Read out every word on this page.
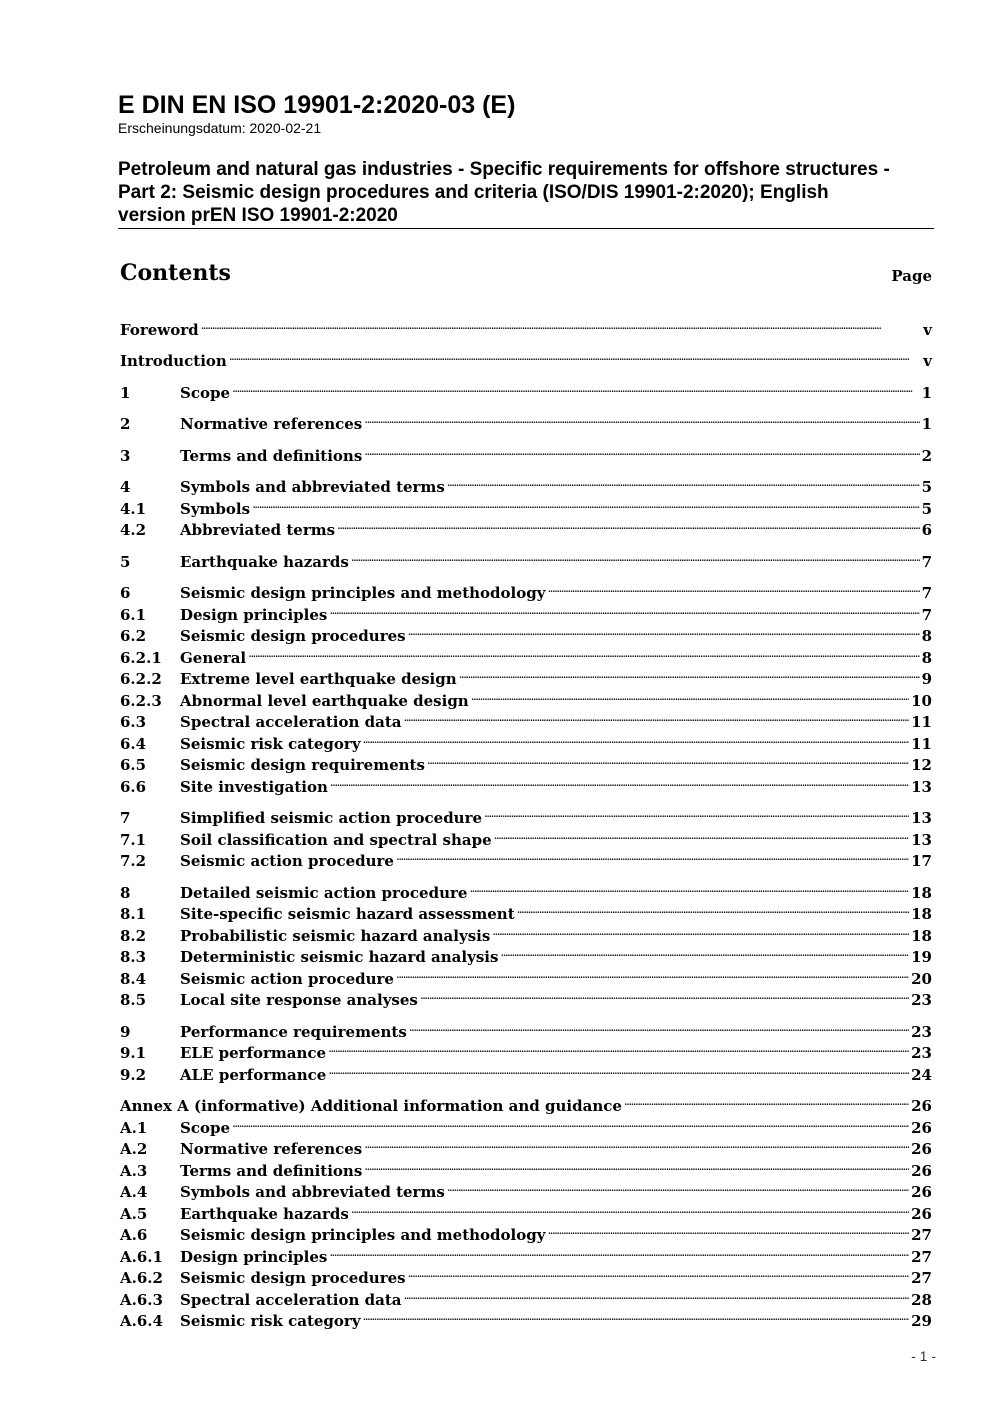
E DIN EN ISO 19901-2:2020-03 (E)
Erscheinungsdatum: 2020-02-21
Petroleum and natural gas industries - Specific requirements for offshore structures -
Part 2: Seismic design procedures and criteria (ISO/DIS 19901-2:2020); English
version prEN ISO 19901-2:2020
Contents	Page
Foreword .....	v
Introduction .....	v
1	Scope .....	1
2	Normative references .....	1
3	Terms and definitions .....	2
4	Symbols and abbreviated terms .....	5
4.1	Symbols .....	5
4.2	Abbreviated terms .....	6
5	Earthquake hazards .....	7
6	Seismic design principles and methodology .....	7
6.1	Design principles .....	7
6.2	Seismic design procedures .....	8
6.2.1	General .....	8
6.2.2	Extreme level earthquake design .....	9
6.2.3	Abnormal level earthquake design .....	10
6.3	Spectral acceleration data .....	11
6.4	Seismic risk category .....	11
6.5	Seismic design requirements .....	12
6.6	Site investigation .....	13
7	Simplified seismic action procedure .....	13
7.1	Soil classification and spectral shape .....	13
7.2	Seismic action procedure .....	17
8	Detailed seismic action procedure .....	18
8.1	Site-specific seismic hazard assessment .....	18
8.2	Probabilistic seismic hazard analysis .....	18
8.3	Deterministic seismic hazard analysis .....	19
8.4	Seismic action procedure .....	20
8.5	Local site response analyses .....	23
9	Performance requirements .....	23
9.1	ELE performance .....	23
9.2	ALE performance .....	24
Annex A (informative) Additional information and guidance .....	26
A.1	Scope .....	26
A.2	Normative references .....	26
A.3	Terms and definitions .....	26
A.4	Symbols and abbreviated terms .....	26
A.5	Earthquake hazards .....	26
A.6	Seismic design principles and methodology .....	27
A.6.1	Design principles .....	27
A.6.2	Seismic design procedures .....	27
A.6.3	Spectral acceleration data .....	28
A.6.4	Seismic risk category .....	29
- 1 -
